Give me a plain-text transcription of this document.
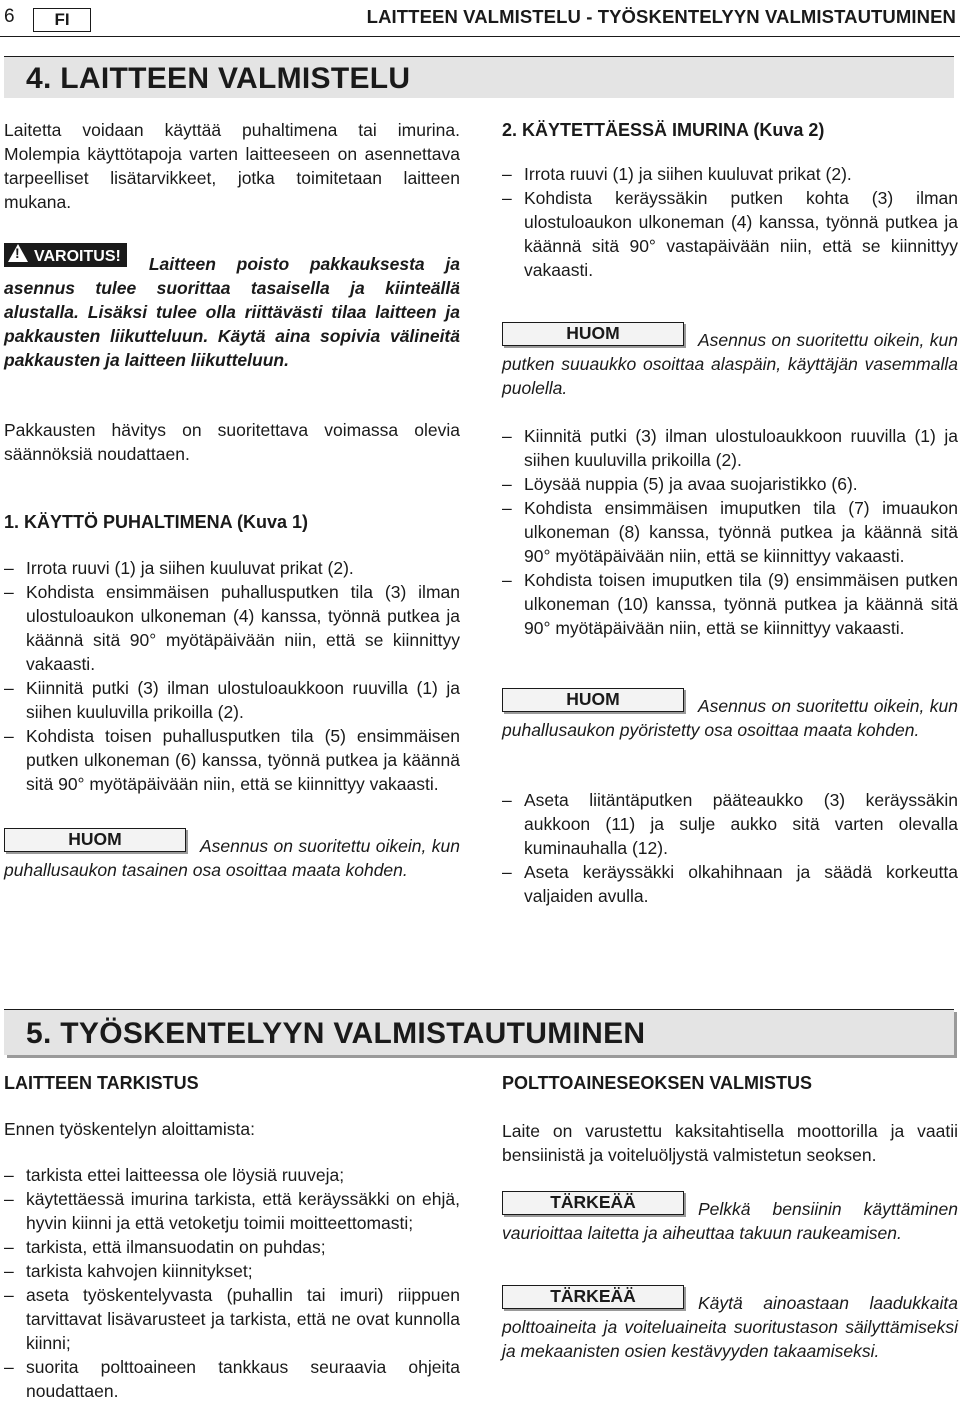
6	FI	LAITTEEN VALMISTELU - TYÖSKENTELYYN VALMISTAUTUMINEN
4. LAITTEEN VALMISTELU

Laitetta voidaan käyttää puhaltimena tai imurina. Molempia käyttötapoja varten laitteeseen on asennettava tarpeelliset lisätarvikkeet, jotka toimitetaan laitteen mukana.

!VAROITUS! Laitteen poisto pakkauksesta ja asennus tulee suorittaa tasaisella ja kiinteällä alustalla. Lisäksi tulee olla riittävästi tilaa laitteen ja pakkausten liikutteluun. Käytä aina sopivia välineitä pakkausten ja laitteen liikutteluun.

Pakkausten hävitys on suoritettava voimassa olevia säännöksiä noudattaen.

1. KÄYTTÖ PUHALTIMENA (Kuva 1)

– Irrota ruuvi (1) ja siihen kuuluvat prikat (2).
– Kohdista ensimmäisen puhallusputken tila (3) ilman ulostuloaukon ulkoneman (4) kanssa, työnnä putkea ja käännä sitä 90° myötäpäivään niin, että se kiinnittyy vakaasti.
– Kiinnitä putki (3) ilman ulostuloaukkoon ruuvilla (1) ja siihen kuuluvilla prikoilla (2).
– Kohdista toisen puhallusputken tila (5) ensimmäisen putken ulkoneman (6) kanssa, työnnä putkea ja käännä sitä 90° myötäpäivään niin, että se kiinnittyy vakaasti.

HUOM	Asennus on suoritettu oikein, kun puhallusaukon tasainen osa osoittaa maata kohden.

2. KÄYTETTÄESSÄ IMURINA (Kuva 2)

– Irrota ruuvi (1) ja siihen kuuluvat prikat (2).
– Kohdista keräyssäkin putken kohta (3) ilman ulostuloaukon ulkoneman (4) kanssa, työnnä putkea ja käännä sitä 90° vastapäivään niin, että se kiinnittyy vakaasti.

HUOM	Asennus on suoritettu oikein, kun putken suuaukko osoittaa alaspäin, käyttäjän vasemmalla puolella.

– Kiinnitä putki (3) ilman ulostuloaukkoon ruuvilla (1) ja siihen kuuluvilla prikoilla (2).
– Löysää nuppia (5) ja avaa suojaristikko (6).
– Kohdista ensimmäisen imuputken tila (7) imuaukon ulkoneman (8) kanssa, työnnä putkea ja käännä sitä 90° myötäpäivään niin, että se kiinnittyy vakaasti.
– Kohdista toisen imuputken tila (9) ensimmäisen putken ulkoneman (10) kanssa, työnnä putkea ja käännä sitä 90° myötäpäivään niin, että se kiinnittyy vakaasti.

HUOM	Asennus on suoritettu oikein, kun puhallusaukon pyöristetty osa osoittaa maata kohden.

– Aseta liitäntäputken pääteaukko (3) keräyssäkin aukkoon (11) ja sulje aukko sitä varten olevalla kuminauhalla (12).
– Aseta keräyssäkki olkahihnaan ja säädä korkeutta valjaiden avulla.
5. TYÖSKENTELYYN VALMISTAUTUMINEN

LAITTEEN TARKISTUS

Ennen työskentelyn aloittamista:

– tarkista ettei laitteessa ole löysiä ruuveja;
– käytettäessä imurina tarkista, että keräyssäkki on ehjä, hyvin kiinni ja että vetoketju toimii moitteettomasti;
– tarkista, että ilmansuodatin on puhdas;
– tarkista kahvojen kiinnitykset;
– aseta työskentelyvasta (puhallin tai imuri) riippuen tarvittavat lisävarusteet ja tarkista, että ne ovat kunnolla kiinni;
– suorita polttoaineen tankkaus seuraavia ohjeita noudattaen.

POLTTOAINESEOKSEN VALMISTUS

Laite on varustettu kaksitahtisella moottorilla ja vaatii bensiinistä ja voiteluöljystä valmistetun seoksen.

TÄRKEÄÄ	Pelkkä bensiinin käyttäminen vaurioittaa laitetta ja aiheuttaa takuun raukeamisen.

TÄRKEÄÄ	Käytä ainoastaan laadukkaita polttoaineita ja voiteluaineita suoritustason säilyttämiseksi ja mekaanisten osien kestävyyden takaamiseksi.
